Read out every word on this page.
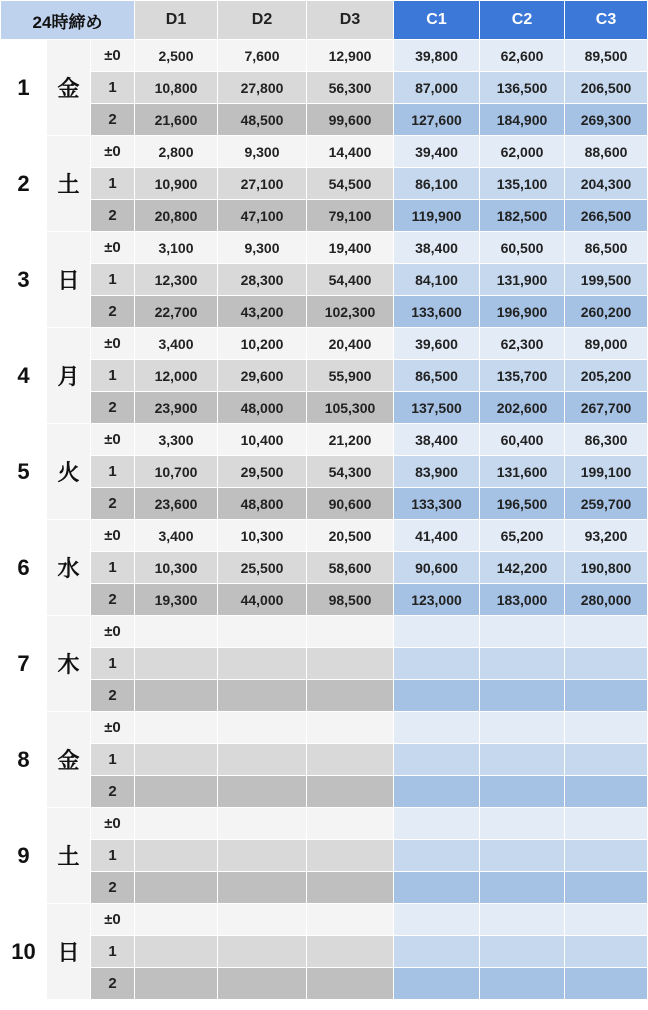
24時締め			D1	D2	D3	C1	C2	C3
1	金	±0	2,500	7,600	12,900	39,800	62,600	89,500
		1	10,800	27,800	56,300	87,000	136,500	206,500
		2	21,600	48,500	99,600	127,600	184,900	269,300
2	土	±0	2,800	9,300	14,400	39,400	62,000	88,600
		1	10,900	27,100	54,500	86,100	135,100	204,300
		2	20,800	47,100	79,100	119,900	182,500	266,500
3	日	±0	3,100	9,300	19,400	38,400	60,500	86,500
		1	12,300	28,300	54,400	84,100	131,900	199,500
		2	22,700	43,200	102,300	133,600	196,900	260,200
4	月	±0	3,400	10,200	20,400	39,600	62,300	89,000
		1	12,000	29,600	55,900	86,500	135,700	205,200
		2	23,900	48,000	105,300	137,500	202,600	267,700
5	火	±0	3,300	10,400	21,200	38,400	60,400	86,300
		1	10,700	29,500	54,300	83,900	131,600	199,100
		2	23,600	48,800	90,600	133,300	196,500	259,700
6	水	±0	3,400	10,300	20,500	41,400	65,200	93,200
		1	10,300	25,500	58,600	90,600	142,200	190,800
		2	19,300	44,000	98,500	123,000	183,000	280,000
7	木	±0						
		1						
		2						
8	金	±0						
		1						
		2						
9	土	±0						
		1						
		2						
10	日	±0						
		1						
		2						
